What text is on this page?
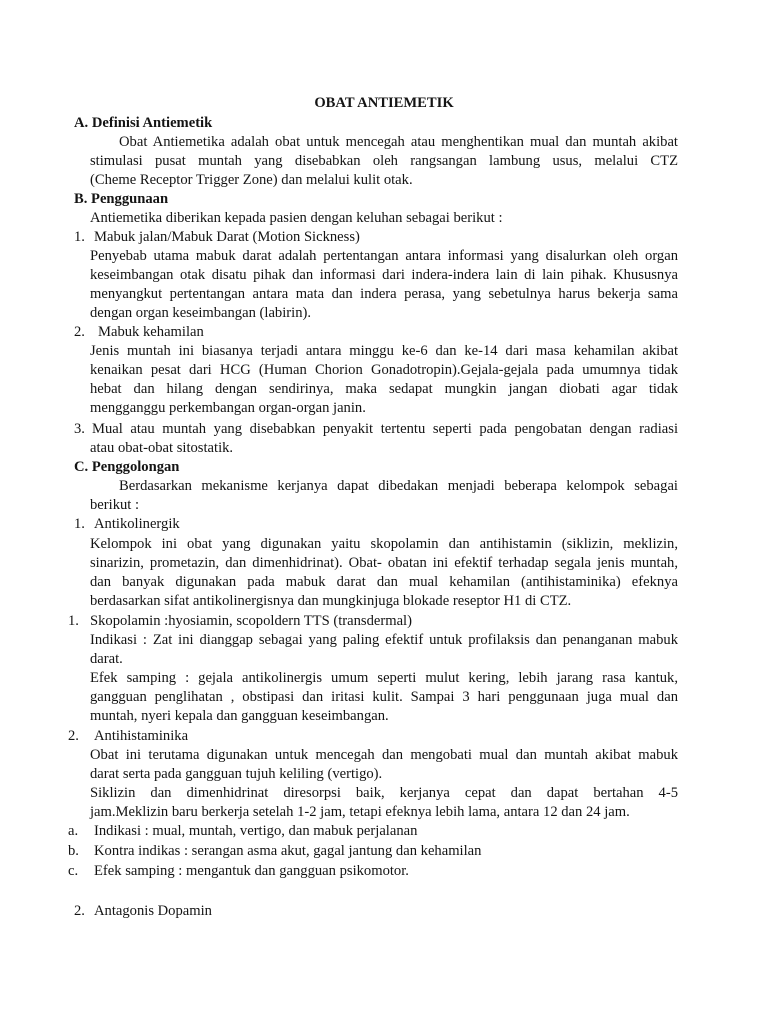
OBAT ANTIEMETIK
A. Definisi Antiemetik
Obat Antiemetika adalah obat untuk mencegah atau menghentikan mual dan muntah akibat
stimulasi pusat muntah yang disebabkan oleh rangsangan lambung usus, melalui CTZ
(Cheme Receptor Trigger Zone) dan melalui kulit otak.
B. Penggunaan
Antiemetika diberikan kepada pasien dengan keluhan sebagai berikut :
1. Mabuk jalan/Mabuk Darat (Motion Sickness)
Penyebab utama mabuk darat adalah pertentangan antara informasi yang disalurkan oleh organ
keseimbangan otak disatu pihak dan informasi dari indera-indera lain di lain pihak. Khususnya
menyangkut pertentangan antara mata dan indera perasa, yang sebetulnya harus bekerja sama
dengan organ keseimbangan (labirin).
2. Mabuk kehamilan
Jenis muntah ini biasanya terjadi antara minggu ke-6 dan ke-14 dari masa kehamilan akibat
kenaikan pesat dari HCG (Human Chorion Gonadotropin).Gejala-gejala pada umumnya tidak
hebat dan hilang dengan sendirinya, maka sedapat mungkin jangan diobati agar tidak
mengganggu perkembangan organ-organ janin.
3. Mual atau muntah yang disebabkan penyakit tertentu seperti pada pengobatan dengan radiasi
atau obat-obat sitostatik.
C. Penggolongan
Berdasarkan mekanisme kerjanya dapat dibedakan menjadi beberapa kelompok sebagai
berikut :
1. Antikolinergik
Kelompok ini obat yang digunakan yaitu skopolamin dan antihistamin (siklizin, meklizin,
sinarizin, prometazin, dan dimenhidrinat). Obat- obatan ini efektif terhadap segala jenis muntah,
dan banyak digunakan pada mabuk darat dan mual kehamilan (antihistaminika) efeknya
berdasarkan sifat antikolinergisnya dan mungkinjuga blokade reseptor H1 di CTZ.
1. Skopolamin :hyosiamin, scopoldern TTS (transdermal)
Indikasi : Zat ini dianggap sebagai yang paling efektif untuk profilaksis dan penanganan mabuk
darat.
Efek samping : gejala antikolinergis umum seperti mulut kering, lebih jarang rasa kantuk,
gangguan penglihatan , obstipasi dan iritasi kulit. Sampai 3 hari penggunaan juga mual dan
muntah, nyeri kepala dan gangguan keseimbangan.
2. Antihistaminika
Obat ini terutama digunakan untuk mencegah dan mengobati mual dan muntah akibat mabuk
darat serta pada gangguan tujuh keliling (vertigo).
Siklizin dan dimenhidrinat diresorpsi baik, kerjanya cepat dan dapat bertahan 4-5
jam.Meklizin baru berkerja setelah 1-2 jam, tetapi efeknya lebih lama, antara 12 dan 24 jam.
a. Indikasi : mual, muntah, vertigo, dan mabuk perjalanan
b. Kontra indikas : serangan asma akut, gagal jantung dan kehamilan
c. Efek samping : mengantuk dan gangguan psikomotor.
2. Antagonis Dopamin
